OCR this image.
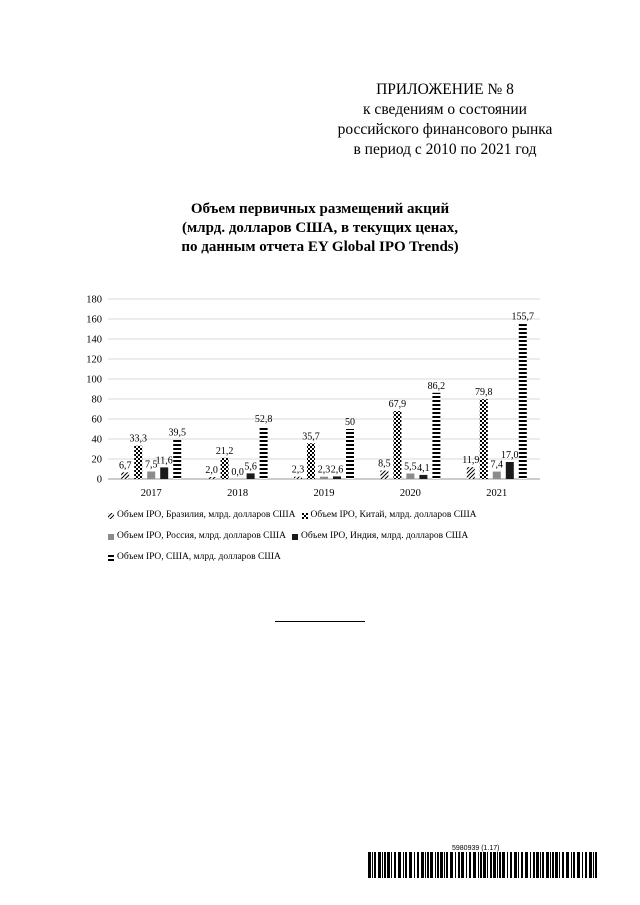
ПРИЛОЖЕНИЕ № 8
к сведениям о состоянии
российского финансового рынка
в период с 2010 по 2021 год
Объем первичных размещений акций
(млрд. долларов США, в текущих ценах,
по данным отчета EY Global IPO Trends)
0
20
40
60
80
100
120
140
160
180
6,7
33,3
7,5
11,6
39,5
2017
2,0
21,2
0,0
5,6
52,8
2018
2,3
35,7
2,3 2,6
50
2019
8,5
67,9
5,5 4,1
86,2
2020
11,9
79,8
7,4
17,0
155,7
2021
Объем IPO, Бразилия, млрд. долларов США Объем IPO, Китай, млрд. долларов США
Объем IPO, Россия, млрд. долларов США Объем IPO, Индия, млрд. долларов США
Объем IPO, США, млрд. долларов США
5980939 (1.17)
